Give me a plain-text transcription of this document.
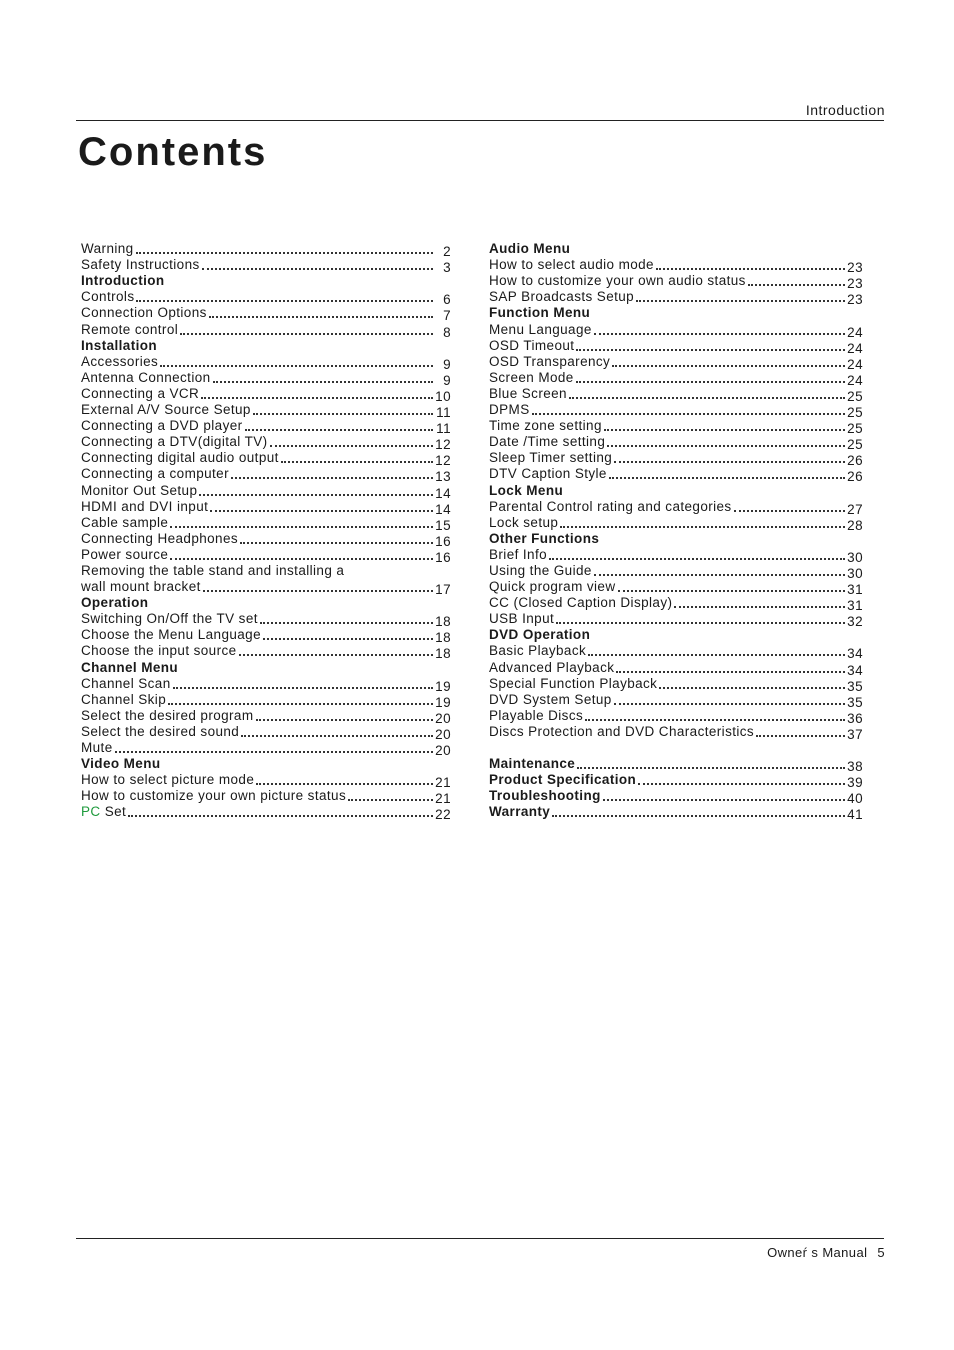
Introduction
Contents
Warning	2
Safety Instructions	3
Introduction
Controls	6
Connection Options	7
Remote control	8
Installation
Accessories	9
Antenna Connection	9
Connecting a VCR	10
External A/V Source Setup	11
Connecting a DVD player	11
Connecting a DTV(digital TV)	12
Connecting digital audio output	12
Connecting a computer	13
Monitor Out Setup	14
HDMI and DVI input	14
Cable sample	15
Connecting Headphones	16
Power source	16
Removing the table stand and installing a
wall mount bracket	17
Operation
Switching On/Off the TV set	18
Choose the Menu Language	18
Choose the input source	18
Channel Menu
Channel Scan	19
Channel Skip	19
Select the desired program	20
Select the desired sound	20
Mute	20
Video Menu
How to select picture mode	21
How to customize your own picture status	21
PC Set	22
Audio Menu
How to select audio mode	23
How to customize your own audio status	23
SAP Broadcasts Setup	23
Function Menu
Menu Language	24
OSD Timeout	24
OSD Transparency	24
Screen Mode	24
Blue Screen	25
DPMS	25
Time zone setting	25
Date /Time setting	25
Sleep Timer setting	26
DTV Caption Style	26
Lock Menu
Parental Control rating and categories	27
Lock setup	28
Other Functions
Brief Info	30
Using the Guide	30
Quick program view	31
CC (Closed Caption Display)	31
USB Input	32
DVD Operation
Basic Playback	34
Advanced Playback	34
Special Function Playback	35
DVD System Setup	35
Playable Discs	36
Discs Protection and DVD Characteristics	37
Maintenance	38
Product Specification	39
Troubleshooting	40
Warranty	41
Owneŕ s Manual 5
